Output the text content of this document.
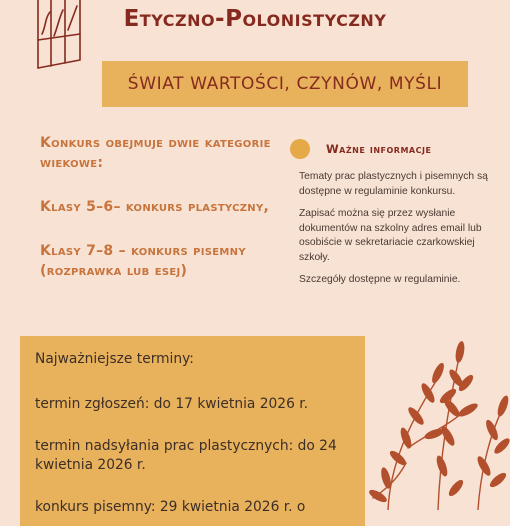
Etyczno-Polonistyczny
ŚWIAT WARTOŚCI, CZYNÓW, MYŚLI

Konkurs obejmuje dwie kategorie wiekowe:

Klasy 5–6– konkurs plastyczny,

Klasy 7–8 – konkurs pisemny (rozprawka lub esej)

Ważne informacje

Tematy prac plastycznych i pisemnych są dostępne w regulaminie konkursu.

Zapisać można się przez wysłanie dokumentów na szkolny adres email lub osobiście w sekretariacie czarkowskiej szkoły.

Szczegóły dostępne w regulaminie.

Najważniejsze terminy:

termin zgłoszeń: do 17 kwietnia 2026 r.

termin nadsyłania prac plastycznych: do 24 kwietnia 2026 r.

konkurs pisemny: 29 kwietnia 2026 r. o
